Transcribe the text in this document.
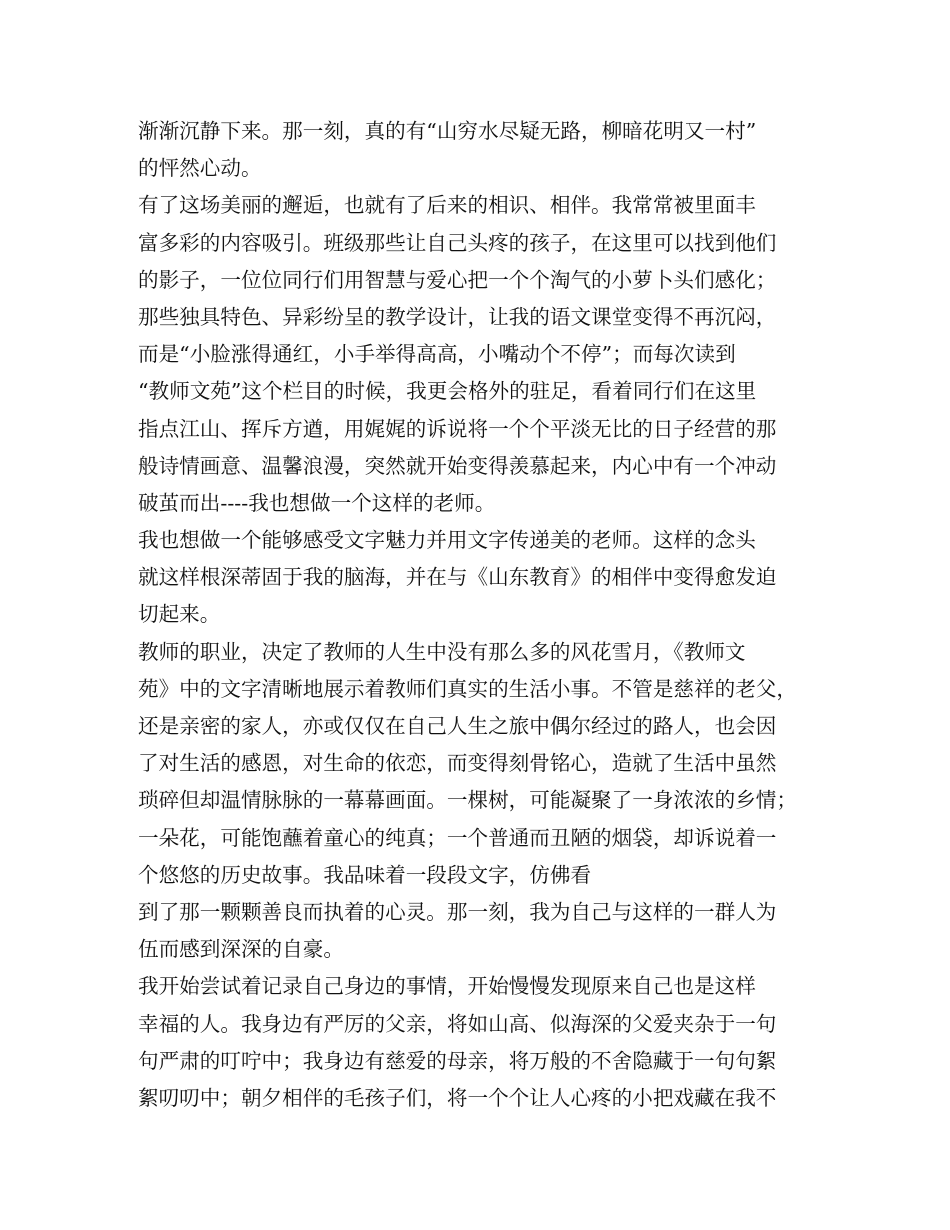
渐渐沉静下来。那一刻，真的有“山穷水尽疑无路，柳暗花明又一村”
的怦然心动。
有了这场美丽的邂逅，也就有了后来的相识、相伴。我常常被里面丰
富多彩的内容吸引。班级那些让自己头疼的孩子，在这里可以找到他们
的影子，一位位同行们用智慧与爱心把一个个淘气的小萝卜头们感化；
那些独具特色、异彩纷呈的教学设计，让我的语文课堂变得不再沉闷，
而是“小脸涨得通红，小手举得高高，小嘴动个不停”；而每次读到
“教师文苑”这个栏目的时候，我更会格外的驻足，看着同行们在这里
指点江山、挥斥方遒，用娓娓的诉说将一个个平淡无比的日子经营的那
般诗情画意、温馨浪漫，突然就开始变得羡慕起来，内心中有一个冲动
破茧而出----我也想做一个这样的老师。
我也想做一个能够感受文字魅力并用文字传递美的老师。这样的念头
就这样根深蒂固于我的脑海，并在与《山东教育》的相伴中变得愈发迫
切起来。
教师的职业，决定了教师的人生中没有那么多的风花雪月，《教师文
苑》中的文字清晰地展示着教师们真实的生活小事。不管是慈祥的老父，
还是亲密的家人，亦或仅仅在自己人生之旅中偶尔经过的路人，也会因
了对生活的感恩，对生命的依恋，而变得刻骨铭心，造就了生活中虽然
琐碎但却温情脉脉的一幕幕画面。一棵树，可能凝聚了一身浓浓的乡情；
一朵花，可能饱蘸着童心的纯真；一个普通而丑陋的烟袋，却诉说着一
个悠悠的历史故事。我品味着一段段文字，仿佛看
到了那一颗颗善良而执着的心灵。那一刻，我为自己与这样的一群人为
伍而感到深深的自豪。
我开始尝试着记录自己身边的事情，开始慢慢发现原来自己也是这样
幸福的人。我身边有严厉的父亲，将如山高、似海深的父爱夹杂于一句
句严肃的叮咛中；我身边有慈爱的母亲，将万般的不舍隐藏于一句句絮
絮叨叨中；朝夕相伴的毛孩子们，将一个个让人心疼的小把戏藏在我不
